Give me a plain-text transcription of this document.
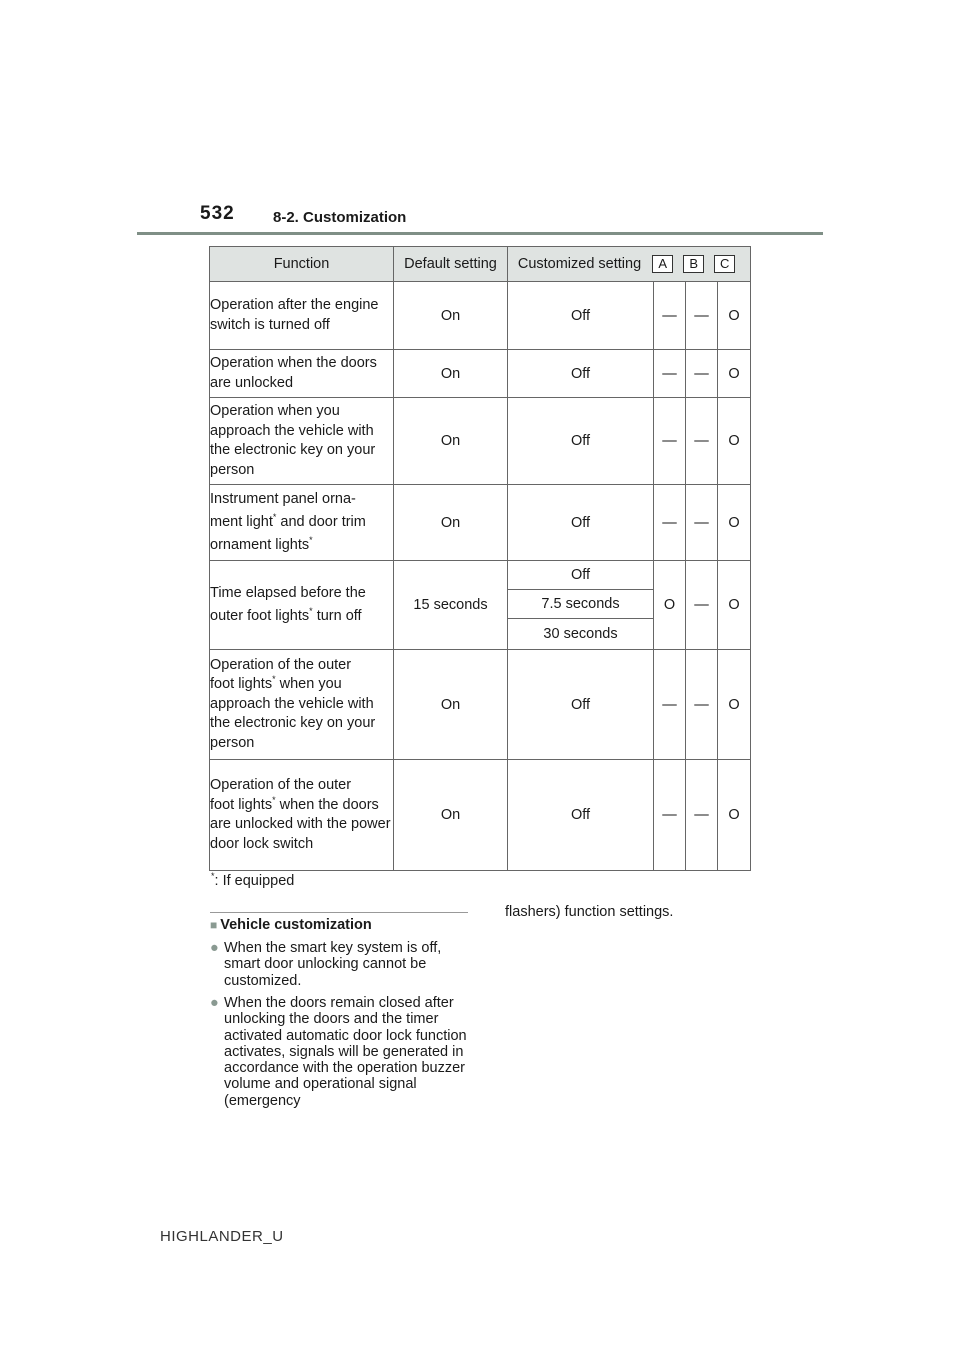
532	8-2. Customization
Function	Default setting	Customized setting A B C			

Operation after the engine switch is turned off	On	Off	—	—	O
Operation when the doors are unlocked	On	Off	—	—	O
Operation when you approach the vehicle with the electronic key on your person	On	Off	—	—	O
Instrument panel orna-
ment light* and door trim
ornament lights*	On	Off	—	—	O
Time elapsed before the
outer foot lights* turn off	15 seconds	Off	O	—	O
		7.5 seconds			
		30 seconds			
Operation of the outer
foot lights* when you approach the vehicle with the electronic key on your person	On	Off	—	—	O
Operation of the outer
foot lights* when the doors are unlocked with the power door lock switch	On	Off	—	—	O
*: If equipped
■ Vehicle customization
● When the smart key system is off, smart door unlocking cannot be customized.
● When the doors remain closed after unlocking the doors and the timer activated automatic door lock function activates, signals will be generated in accordance with the operation buzzer volume and operational signal (emergency
flashers) function settings.
HIGHLANDER_U
